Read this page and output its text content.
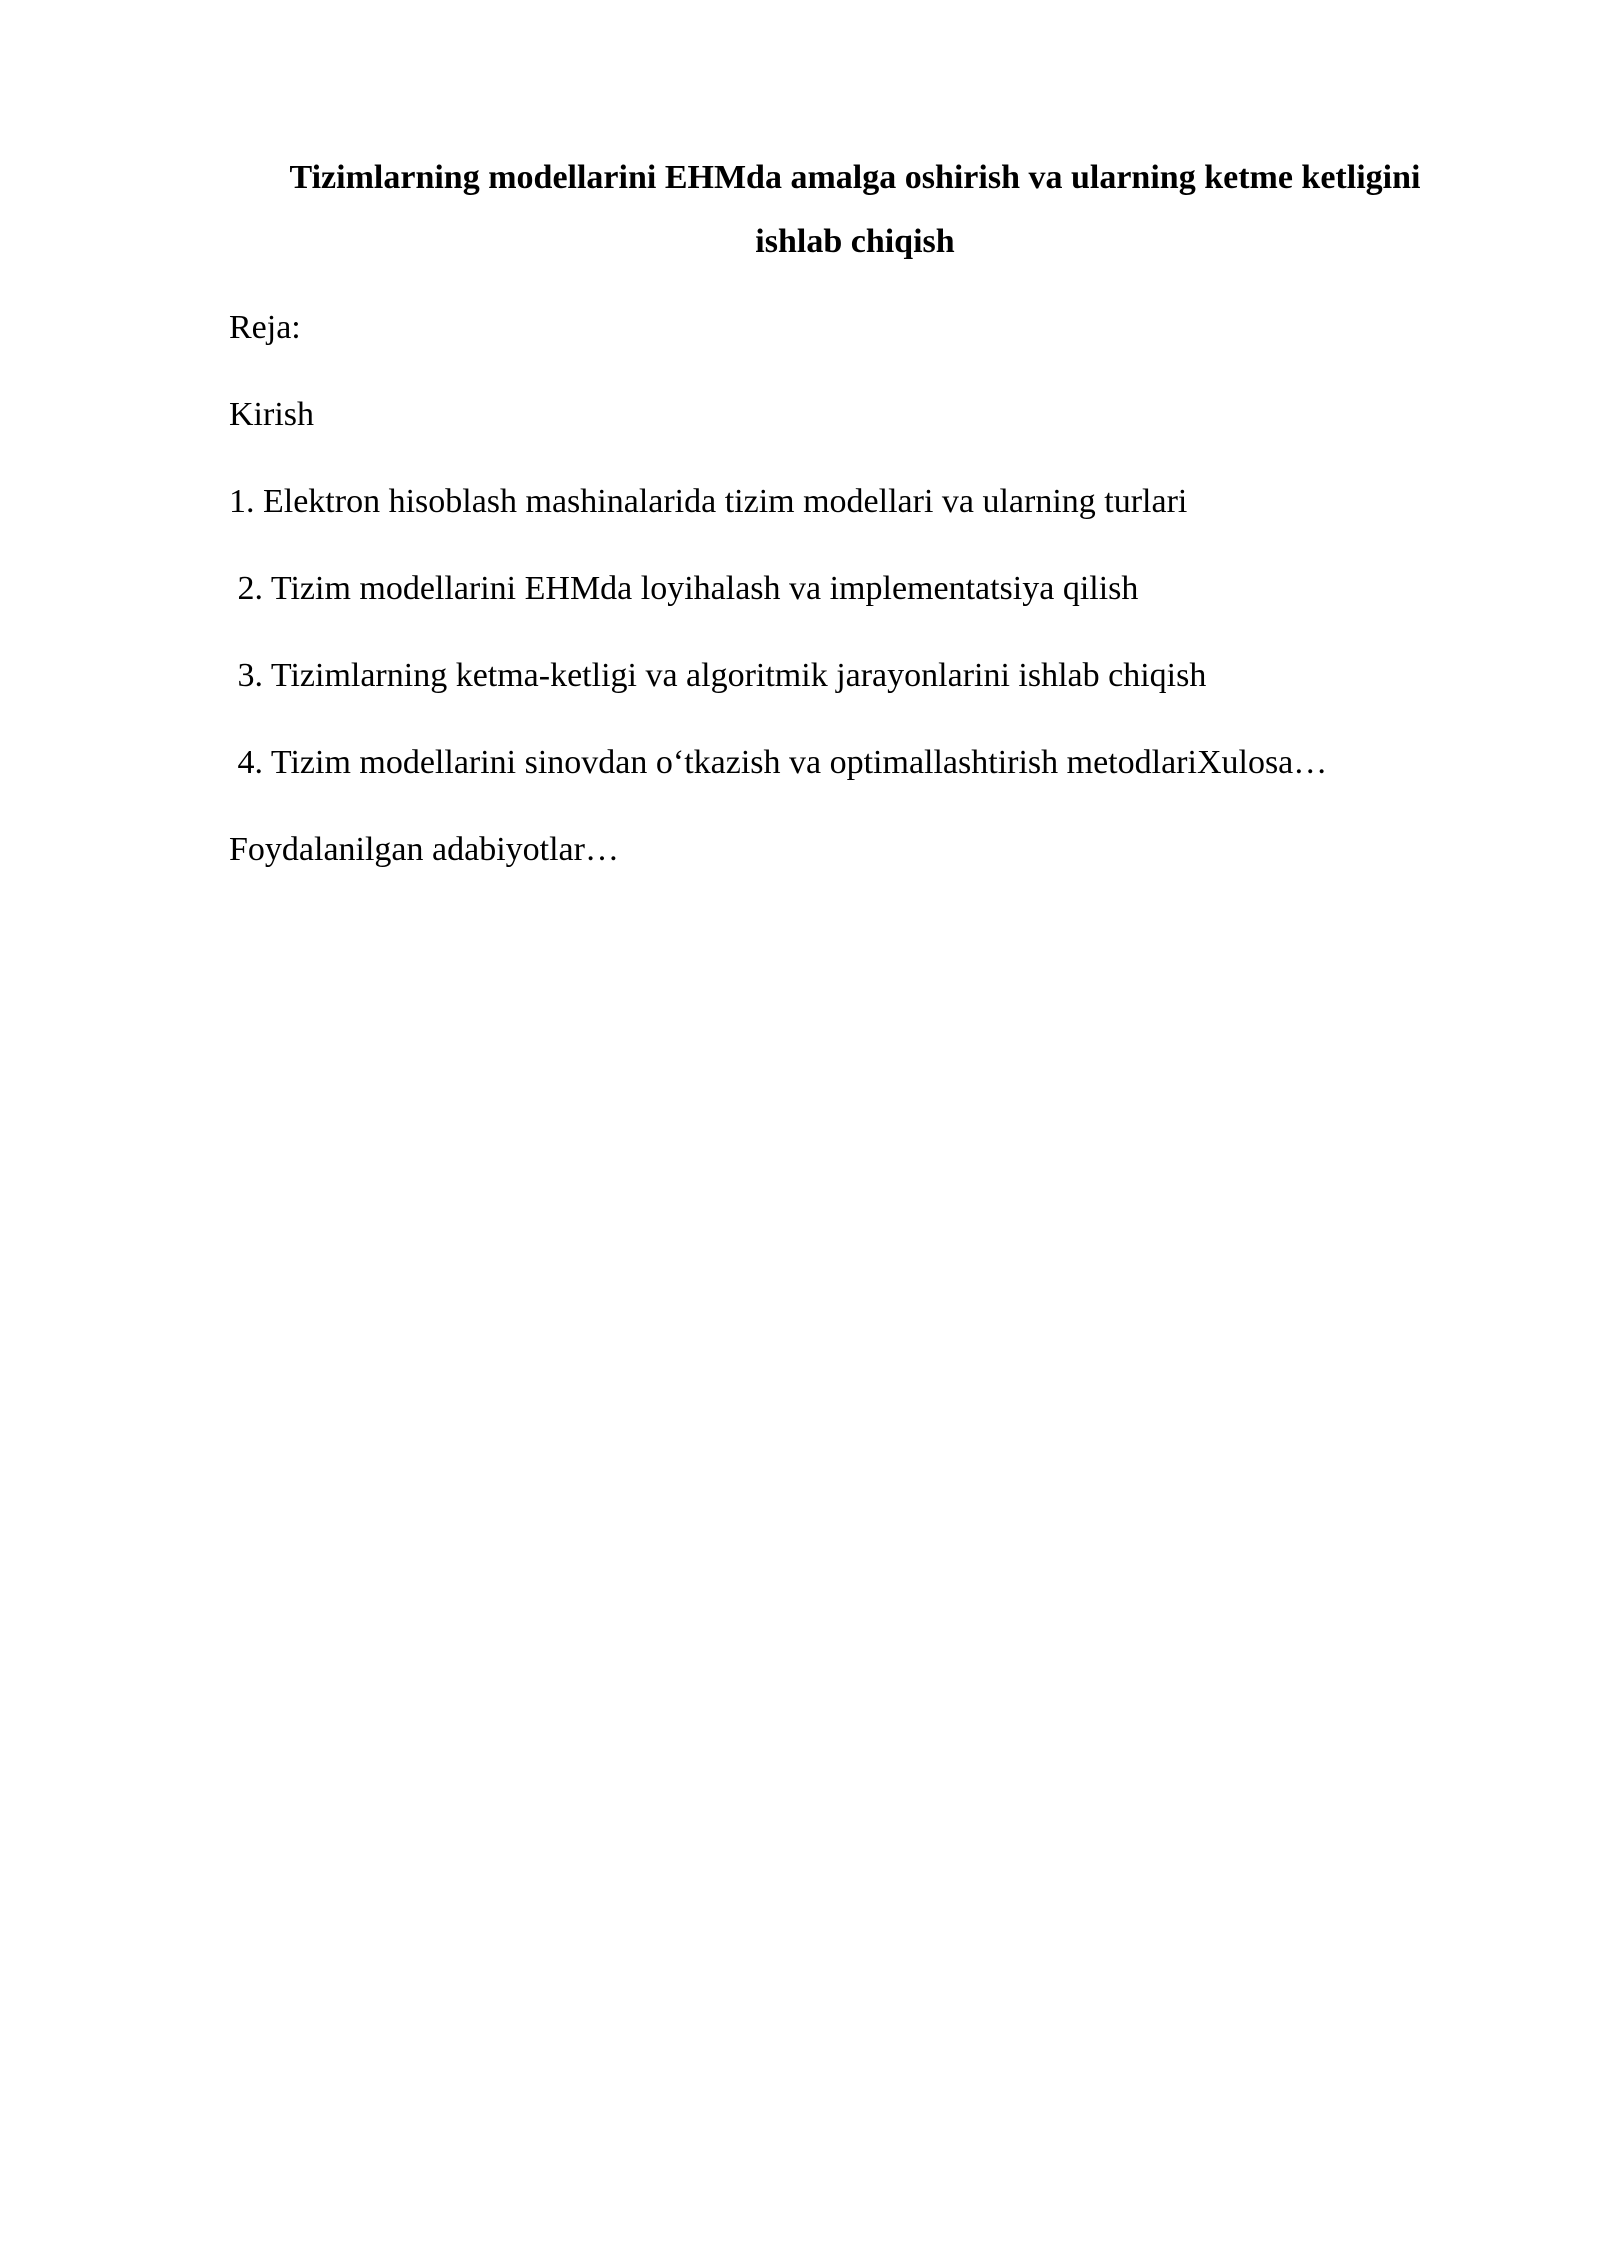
Tizimlarning modellarini EHMda amalga oshirish va ularning ketme ketligini
ishlab chiqish

Reja:

Kirish

1. Elektron hisoblash mashinalarida tizim modellari va ularning turlari

2. Tizim modellarini EHMda loyihalash va implementatsiya qilish

3. Tizimlarning ketma-ketligi va algoritmik jarayonlarini ishlab chiqish

4. Tizim modellarini sinovdan o‘tkazish va optimallashtirish metodlariXulosa…

Foydalanilgan adabiyotlar…
